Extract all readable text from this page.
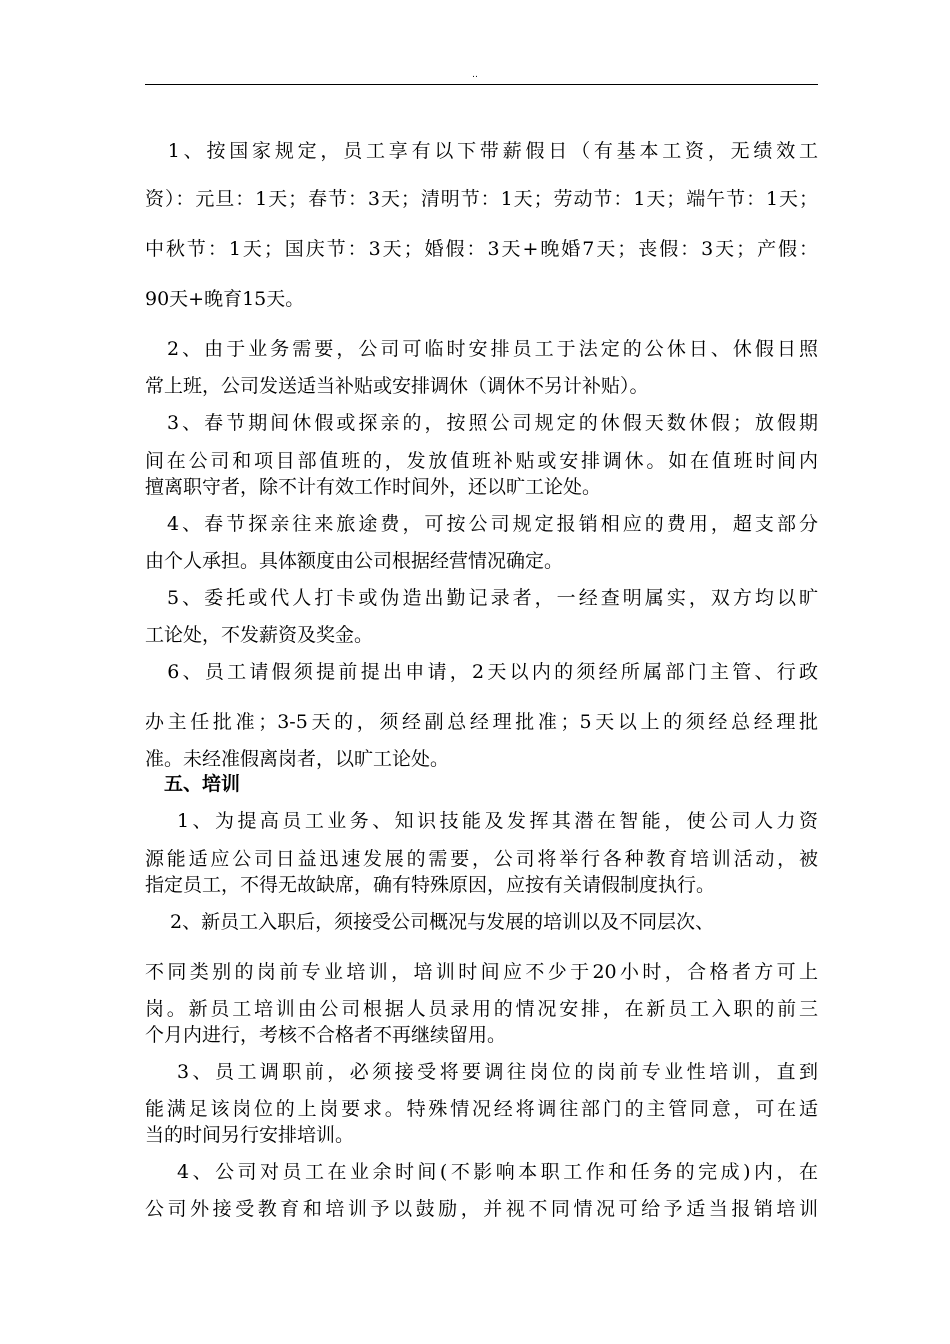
..
　1、按国家规定，员工享有以下带薪假日（有基本工资，无绩效工
资）：元旦：1天；春节：3天；清明节：1天；劳动节：1天；端午节：1天；
中秋节：1天；国庆节：3天；婚假：3天+晚婚7天；丧假：3天；产假：
90天+晚育15天。
　2、由于业务需要，公司可临时安排员工于法定的公休日、休假日照
常上班，公司发送适当补贴或安排调休（调休不另计补贴）。
　3、春节期间休假或探亲的，按照公司规定的休假天数休假；放假期
间在公司和项目部值班的，发放值班补贴或安排调休。如在值班时间内
擅离职守者，除不计有效工作时间外，还以旷工论处。
　4、春节探亲往来旅途费，可按公司规定报销相应的费用，超支部分
由个人承担。具体额度由公司根据经营情况确定。
　5、委托或代人打卡或伪造出勤记录者，一经查明属实，双方均以旷
工论处，不发薪资及奖金。
　6、员工请假须提前提出申请，2天以内的须经所属部门主管、行政
办主任批准；3-5天的，须经副总经理批准；5天以上的须经总经理批
准。未经准假离岗者，以旷工论处。
　五、培训
　 1、为提高员工业务、知识技能及发挥其潜在智能，使公司人力资
源能适应公司日益迅速发展的需要，公司将举行各种教育培训活动，被
指定员工，不得无故缺席，确有特殊原因，应按有关请假制度执行。
　 2、新员工入职后，须接受公司概况与发展的培训以及不同层次、
不同类别的岗前专业培训，培训时间应不少于20小时，合格者方可上
岗。新员工培训由公司根据人员录用的情况安排，在新员工入职的前三
个月内进行，考核不合格者不再继续留用。
　 3、员工调职前，必须接受将要调往岗位的岗前专业性培训，直到
能满足该岗位的上岗要求。特殊情况经将调往部门的主管同意，可在适
当的时间另行安排培训。
　 4、公司对员工在业余时间(不影响本职工作和任务的完成)内，在
公司外接受教育和培训予以鼓励，并视不同情况可给予适当报销培训
